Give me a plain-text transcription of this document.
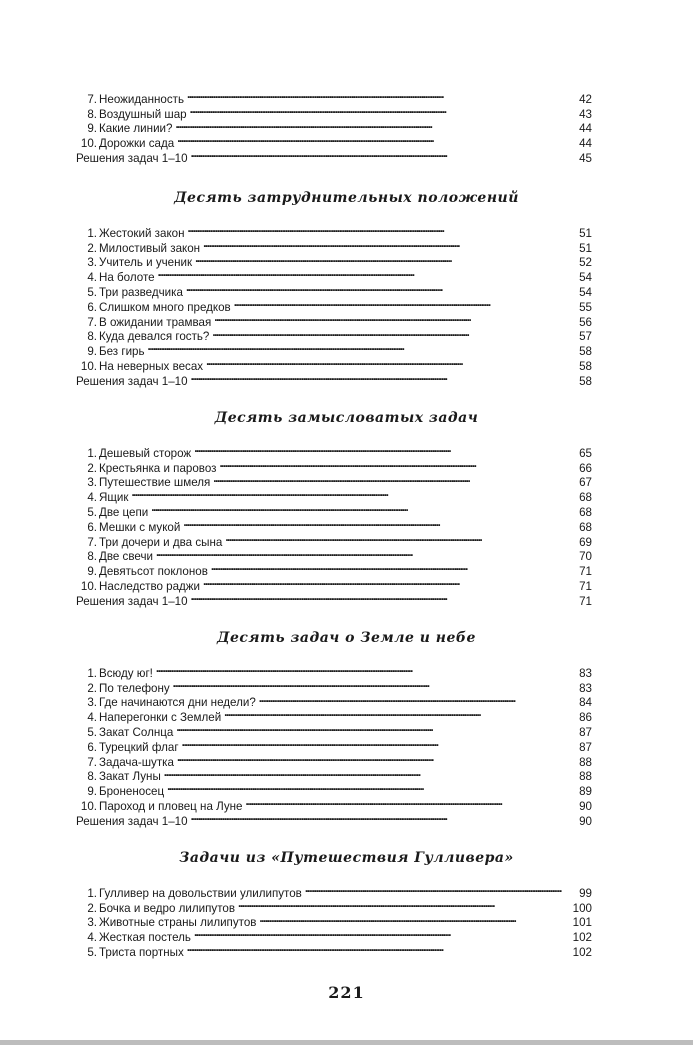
7. Неожиданность . . .	42
8. Воздушный шар . . .	43
9. Какие линии? . . .	44
10. Дорожки сада . . .	44
Решения задач 1–10 . . .	45
Десять затруднительных положений
1. Жестокий закон . . .	51
2. Милостивый закон . . .	51
3. Учитель и ученик . . .	52
4. На болоте . . .	54
5. Три разведчика . . .	54
6. Слишком много предков . . .	55
7. В ожидании трамвая . . .	56
8. Куда девался гость? . . .	57
9. Без гирь . . .	58
10. На неверных весах . . .	58
Решения задач 1–10 . . .	58
Десять замысловатых задач
1. Дешевый сторож . . .	65
2. Крестьянка и паровоз . . .	66
3. Путешествие шмеля . . .	67
4. Ящик . . .	68
5. Две цепи . . .	68
6. Мешки с мукой . . .	68
7. Три дочери и два сына . . .	69
8. Две свечи . . .	70
9. Девятьсот поклонов . . .	71
10. Наследство раджи . . .	71
Решения задач 1–10 . . .	71
Десять задач о Земле и небе
1. Всюду юг! . . .	83
2. По телефону . . .	83
3. Где начинаются дни недели? . . .	84
4. Наперегонки с Землей . . .	86
5. Закат Солнца . . .	87
6. Турецкий флаг . . .	87
7. Задача-шутка . . .	88
8. Закат Луны . . .	88
9. Броненосец . . .	89
10. Пароход и пловец на Луне . . .	90
Решения задач 1–10 . . .	90
Задачи из «Путешествия Гулливера»
1. Гулливер на довольствии улилипутов . . .	99
2. Бочка и ведро лилипутов . . .	100
3. Животные страны лилипутов . . .	101
4. Жесткая постель . . .	102
5. Триста портных . . .	102
221
